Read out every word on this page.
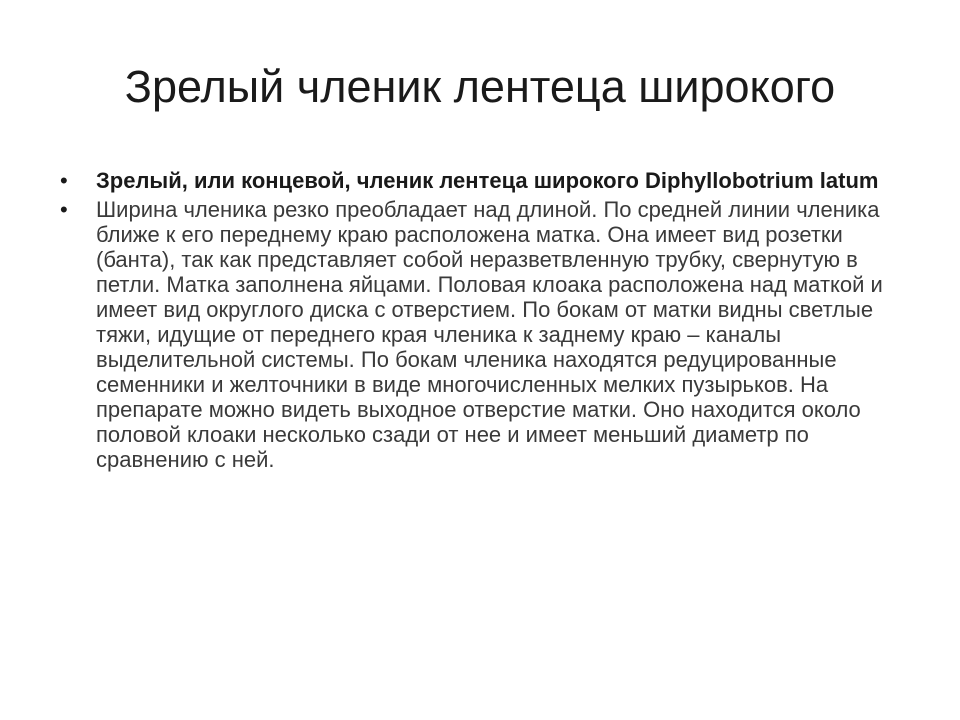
Зрелый членик лентеца широкого
• Зрелый, или концевой, членик лентеца широкого Diphyllobotrium latum
• Ширина членика резко преобладает над длиной. По средней линии членика ближе к его переднему краю расположена матка. Она имеет вид розетки (банта), так как представляет собой неразветвленную трубку, свернутую в петли. Матка заполнена яйцами. Половая клоака расположена над маткой и имеет вид округлого диска с отверстием. По бокам от матки видны светлые тяжи, идущие от переднего края членика к заднему краю – каналы выделительной системы. По бокам членика находятся редуцированные семенники и желточники в виде многочисленных мелких пузырьков. На препарате можно видеть выходное отверстие матки. Оно находится около половой клоаки несколько сзади от нее и имеет меньший диаметр по сравнению с ней.
